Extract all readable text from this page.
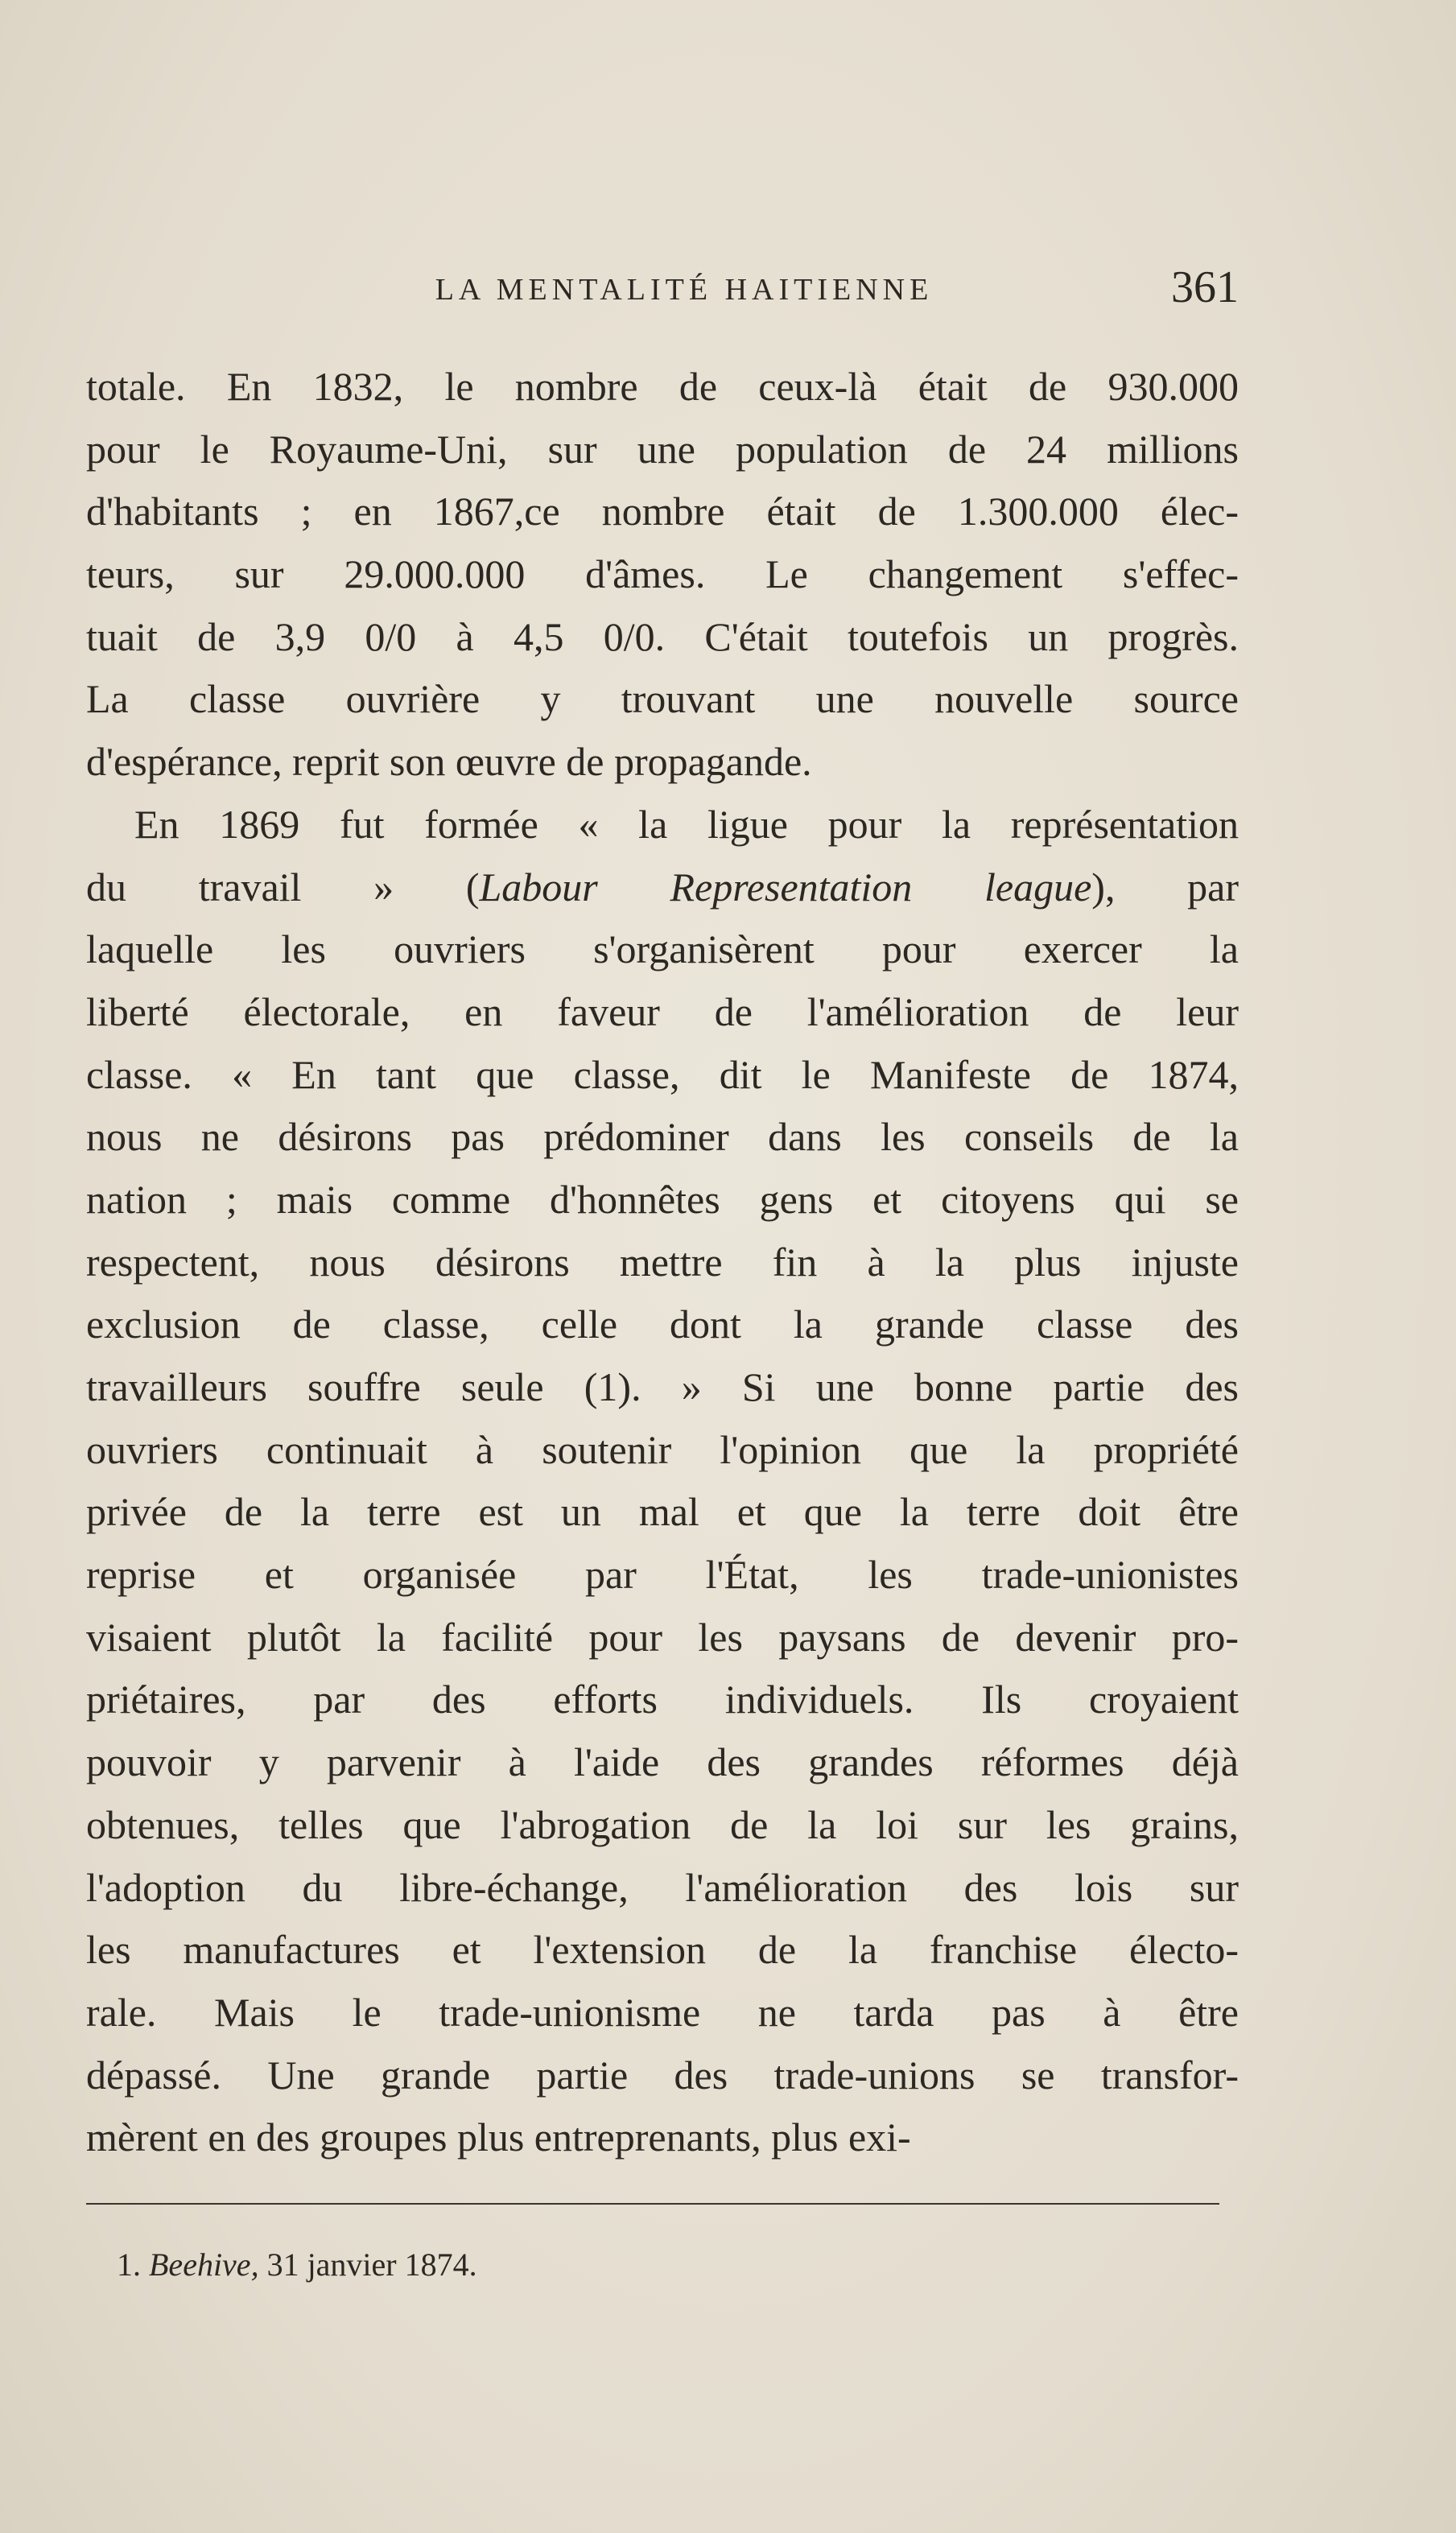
LA MENTALITÉ HAITIENNE	361
totale. En 1832, le nombre de ceux-là était de 930.000
pour le Royaume-Uni, sur une population de 24 millions
d'habitants ; en 1867,ce nombre était de 1.300.000 élec-
teurs, sur 29.000.000 d'âmes. Le changement s'effec-
tuait de 3,9 0/0 à 4,5 0/0. C'était toutefois un progrès.
La classe ouvrière y trouvant une nouvelle source
d'espérance, reprit son œuvre de propagande.
En 1869 fut formée « la ligue pour la représentation
du travail » (Labour Representation league), par
laquelle les ouvriers s'organisèrent pour exercer la
liberté électorale, en faveur de l'amélioration de leur
classe. « En tant que classe, dit le Manifeste de 1874,
nous ne désirons pas prédominer dans les conseils de la
nation ; mais comme d'honnêtes gens et citoyens qui se
respectent, nous désirons mettre fin à la plus injuste
exclusion de classe, celle dont la grande classe des
travailleurs souffre seule (1). » Si une bonne partie des
ouvriers continuait à soutenir l'opinion que la propriété
privée de la terre est un mal et que la terre doit être
reprise et organisée par l'État, les trade-unionistes
visaient plutôt la facilité pour les paysans de devenir pro-
priétaires, par des efforts individuels. Ils croyaient
pouvoir y parvenir à l'aide des grandes réformes déjà
obtenues, telles que l'abrogation de la loi sur les grains,
l'adoption du libre-échange, l'amélioration des lois sur
les manufactures et l'extension de la franchise électo-
rale. Mais le trade-unionisme ne tarda pas à être
dépassé. Une grande partie des trade-unions se transfor-
mèrent en des groupes plus entreprenants, plus exi-
1. Beehive, 31 janvier 1874.
